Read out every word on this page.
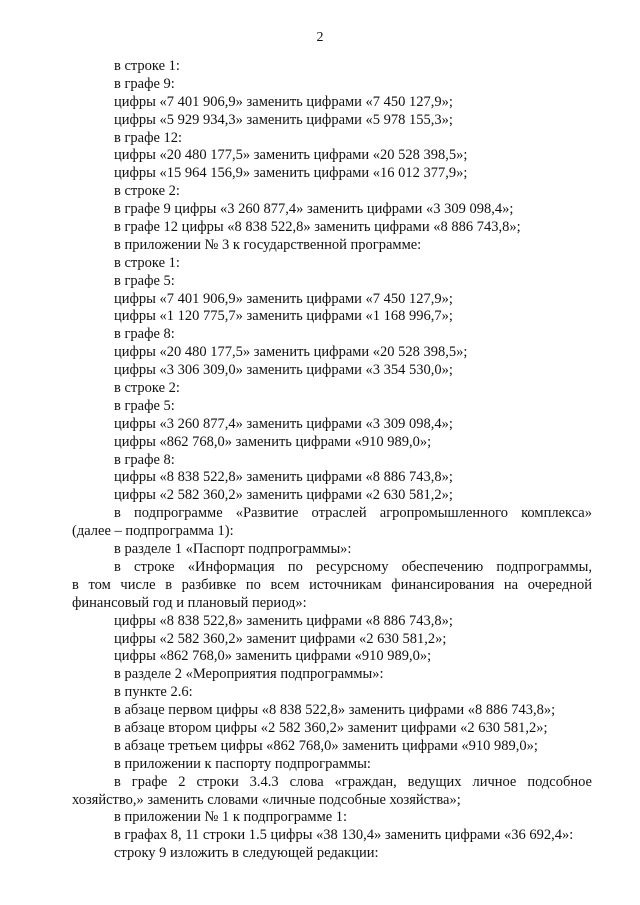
2
в строке 1:
в графе 9:
цифры «7 401 906,9» заменить цифрами «7 450 127,9»;
цифры «5 929 934,3» заменить цифрами «5 978 155,3»;
в графе 12:
цифры «20 480 177,5» заменить цифрами «20 528 398,5»;
цифры «15 964 156,9» заменить цифрами «16 012 377,9»;
в строке 2:
в графе 9 цифры «3 260 877,4» заменить цифрами «3 309 098,4»;
в графе 12 цифры «8 838 522,8» заменить цифрами «8 886 743,8»;
в приложении № 3 к государственной программе:
в строке 1:
в графе 5:
цифры «7 401 906,9» заменить цифрами «7 450 127,9»;
цифры «1 120 775,7» заменить цифрами «1 168 996,7»;
в графе 8:
цифры «20 480 177,5» заменить цифрами «20 528 398,5»;
цифры «3 306 309,0» заменить цифрами «3 354 530,0»;
в строке 2:
в графе 5:
цифры «3 260 877,4» заменить цифрами «3 309 098,4»;
цифры «862 768,0» заменить цифрами «910 989,0»;
в графе 8:
цифры «8 838 522,8» заменить цифрами «8 886 743,8»;
цифры «2 582 360,2» заменить цифрами «2 630 581,2»;
в подпрограмме «Развитие отраслей агропромышленного комплекса»
(далее – подпрограмма 1):
в разделе 1 «Паспорт подпрограммы»:
в строке «Информация по ресурсному обеспечению подпрограммы,
в том числе в разбивке по всем источникам финансирования на очередной
финансовый год и плановый период»:
цифры «8 838 522,8» заменить цифрами «8 886 743,8»;
цифры «2 582 360,2» заменит цифрами «2 630 581,2»;
цифры «862 768,0» заменить цифрами «910 989,0»;
в разделе 2 «Мероприятия подпрограммы»:
в пункте 2.6:
в абзаце первом цифры «8 838 522,8» заменить цифрами «8 886 743,8»;
в абзаце втором цифры «2 582 360,2» заменит цифрами «2 630 581,2»;
в абзаце третьем цифры «862 768,0» заменить цифрами «910 989,0»;
в приложении к паспорту подпрограммы:
в графе 2 строки 3.4.3 слова «граждан, ведущих личное подсобное
хозяйство,» заменить словами «личные подсобные хозяйства»;
в приложении № 1 к подпрограмме 1:
в графах 8, 11 строки 1.5 цифры «38 130,4» заменить цифрами «36 692,4»:
строку 9 изложить в следующей редакции:
